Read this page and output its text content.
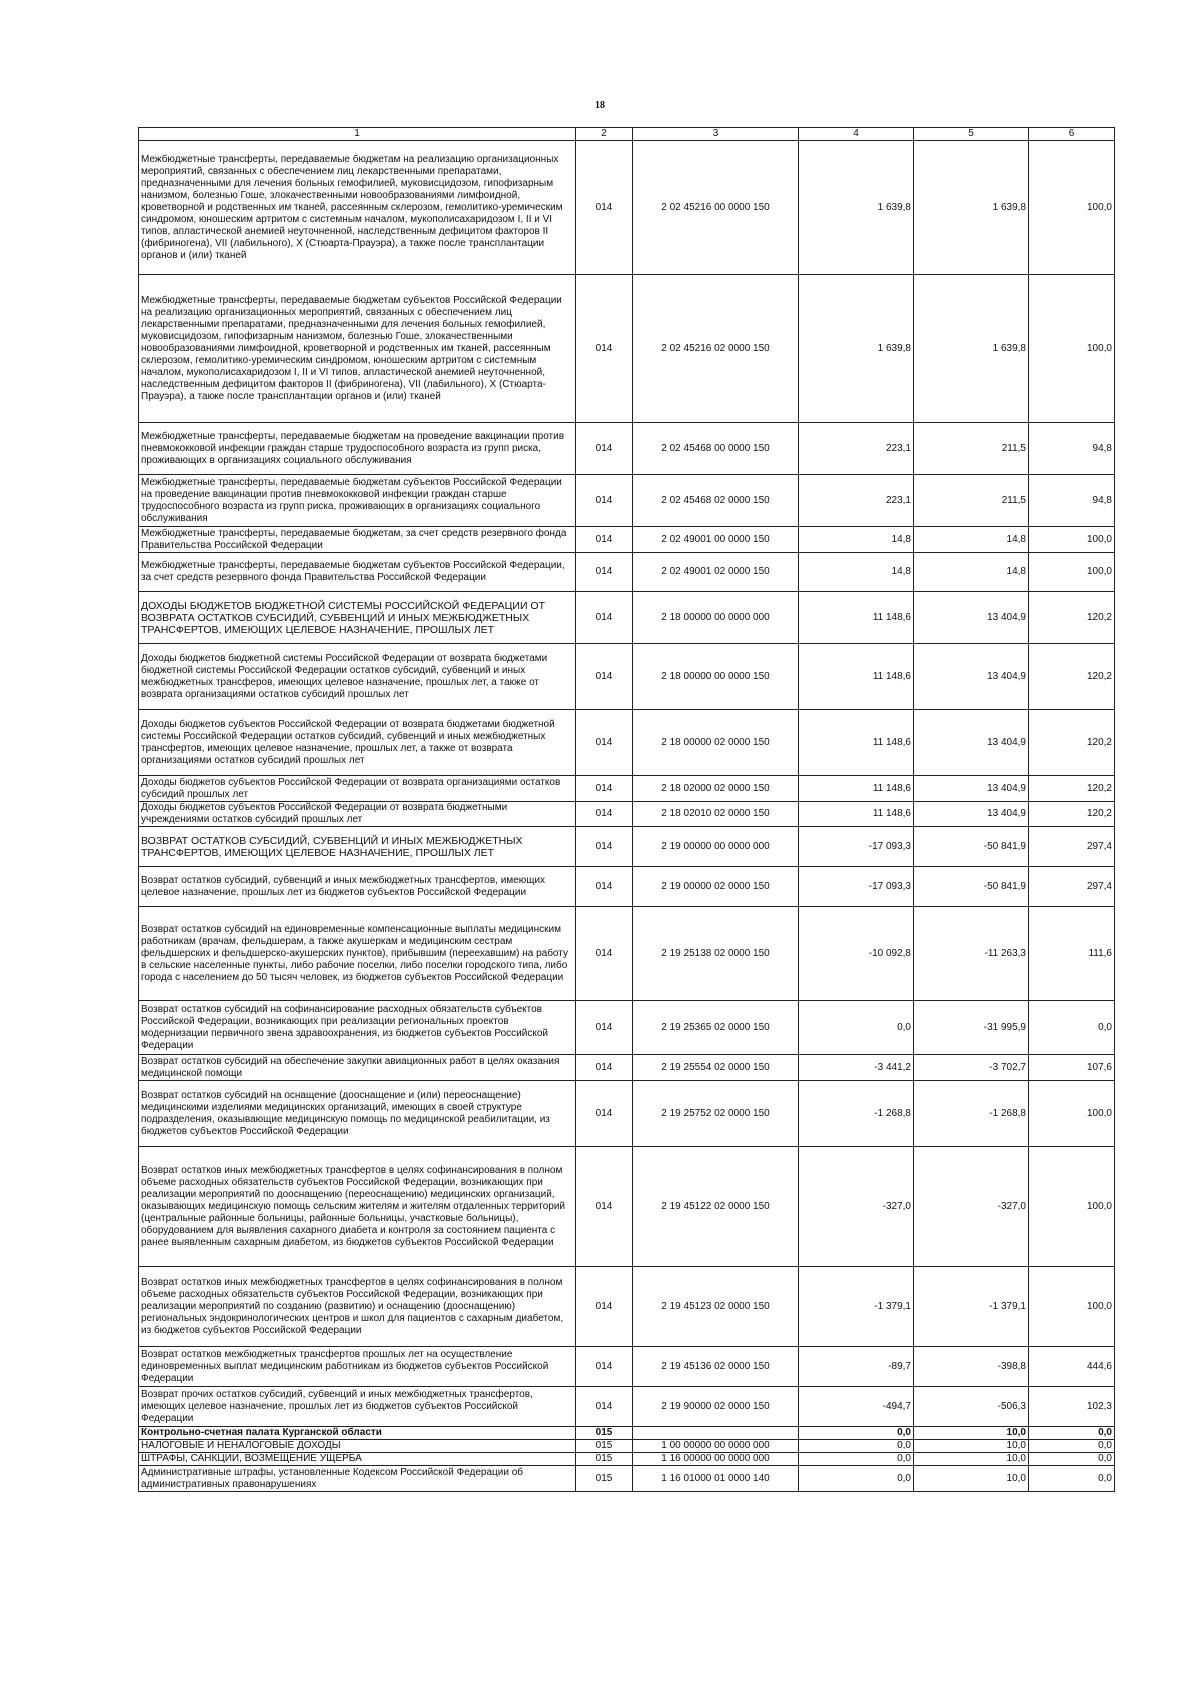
18
1	2	3	4	5	6
Межбюджетные трансферты, передаваемые бюджетам на реализацию организационных мероприятий, связанных с обеспечением лиц лекарственными препаратами, предназначенными для лечения больных гемофилией, муковисцидозом, гипофизарным нанизмом, болезнью Гоше, злокачественными новообразованиями лимфоидной, кроветворной и родственных им тканей, рассеянным склерозом, гемолитико-уремическим синдромом, юношеским артритом с системным началом, мукополисахаридозом I, II и VI типов, апластической анемией неуточненной, наследственным дефицитом факторов II (фибриногена), VII (лабильного), X (Стюарта-Прауэра), а также после трансплантации органов и (или) тканей	014	2 02 45216 00 0000 150	1 639,8	1 639,8	100,0
Межбюджетные трансферты, передаваемые бюджетам субъектов Российской Федерации на реализацию организационных мероприятий, связанных с обеспечением лиц лекарственными препаратами, предназначенными для лечения больных гемофилией, муковисцидозом, гипофизарным нанизмом, болезнью Гоше, злокачественными новообразованиями лимфоидной, кроветворной и родственных им тканей, рассеянным склерозом, гемолитико-уремическим синдромом, юношеским артритом с системным началом, мукополисахаридозом I, II и VI типов, апластической анемией неуточненной, наследственным дефицитом факторов II (фибриногена), VII (лабильного), X (Стюарта-Прауэра), а также после трансплантации органов и (или) тканей	014	2 02 45216 02 0000 150	1 639,8	1 639,8	100,0
Межбюджетные трансферты, передаваемые бюджетам на проведение вакцинации против пневмококковой инфекции граждан старше трудоспособного возраста из групп риска, проживающих в организациях социального обслуживания	014	2 02 45468 00 0000 150	223,1	211,5	94,8
Межбюджетные трансферты, передаваемые бюджетам субъектов Российской Федерации на проведение вакцинации против пневмококковой инфекции граждан старше трудоспособного возраста из групп риска, проживающих в организациях социального обслуживания	014	2 02 45468 02 0000 150	223,1	211,5	94,8
Межбюджетные трансферты, передаваемые бюджетам, за счет средств резервного фонда Правительства Российской Федерации	014	2 02 49001 00 0000 150	14,8	14,8	100,0
Межбюджетные трансферты, передаваемые бюджетам субъектов Российской Федерации, за счет средств резервного фонда Правительства Российской Федерации	014	2 02 49001 02 0000 150	14,8	14,8	100,0
ДОХОДЫ БЮДЖЕТОВ БЮДЖЕТНОЙ СИСТЕМЫ РОССИЙСКОЙ ФЕДЕРАЦИИ ОТ ВОЗВРАТА ОСТАТКОВ СУБСИДИЙ, СУБВЕНЦИЙ И ИНЫХ МЕЖБЮДЖЕТНЫХ ТРАНСФЕРТОВ, ИМЕЮЩИХ ЦЕЛЕВОЕ НАЗНАЧЕНИЕ, ПРОШЛЫХ ЛЕТ	014	2 18 00000 00 0000 000	11 148,6	13 404,9	120,2
Доходы бюджетов бюджетной системы Российской Федерации от возврата бюджетами бюджетной системы Российской Федерации остатков субсидий, субвенций и иных межбюджетных трансферов, имеющих целевое назначение, прошлых лет, а также от возврата организациями остатков субсидий прошлых лет	014	2 18 00000 00 0000 150	11 148,6	13 404,9	120,2
Доходы бюджетов субъектов Российской Федерации от возврата бюджетами бюджетной системы Российской Федерации остатков субсидий, субвенций и иных межбюджетных трансфертов, имеющих целевое назначение, прошлых лет, а также от возврата организациями остатков субсидий прошлых лет	014	2 18 00000 02 0000 150	11 148,6	13 404,9	120,2
Доходы бюджетов субъектов Российской Федерации от возврата организациями остатков субсидий прошлых лет	014	2 18 02000 02 0000 150	11 148,6	13 404,9	120,2
Доходы бюджетов субъектов Российской Федерации от возврата бюджетными учреждениями остатков субсидий прошлых лет	014	2 18 02010 02 0000 150	11 148,6	13 404,9	120,2
ВОЗВРАТ ОСТАТКОВ СУБСИДИЙ, СУБВЕНЦИЙ И ИНЫХ МЕЖБЮДЖЕТНЫХ ТРАНСФЕРТОВ, ИМЕЮЩИХ ЦЕЛЕВОЕ НАЗНАЧЕНИЕ, ПРОШЛЫХ ЛЕТ	014	2 19 00000 00 0000 000	-17 093,3	-50 841,9	297,4
Возврат остатков субсидий, субвенций и иных межбюджетных трансфертов, имеющих целевое назначение, прошлых лет из бюджетов субъектов Российской Федерации	014	2 19 00000 02 0000 150	-17 093,3	-50 841,9	297,4
Возврат остатков субсидий на единовременные компенсационные выплаты медицинским работникам (врачам, фельдшерам, а также акушеркам и медицинским сестрам фельдшерских и фельдшерско-акушерских пунктов), прибывшим (переехавшим) на работу в сельские населенные пункты, либо рабочие поселки, либо поселки городского типа, либо города с населением до 50 тысяч человек, из бюджетов субъектов Российской Федерации	014	2 19 25138 02 0000 150	-10 092,8	-11 263,3	111,6
Возврат остатков субсидий на софинансирование расходных обязательств субъектов Российской Федерации, возникающих при реализации региональных проектов модернизации первичного звена здравоохранения, из бюджетов субъектов Российской Федерации	014	2 19 25365 02 0000 150	0,0	-31 995,9	0,0
Возврат остатков субсидий на обеспечение закупки авиационных работ в целях оказания медицинской помощи	014	2 19 25554 02 0000 150	-3 441,2	-3 702,7	107,6
Возврат остатков субсидий на оснащение (дооснащение и (или) переоснащение) медицинскими изделиями медицинских организаций, имеющих в своей структуре подразделения, оказывающие медицинскую помощь по медицинской реабилитации, из бюджетов субъектов Российской Федерации	014	2 19 25752 02 0000 150	-1 268,8	-1 268,8	100,0
Возврат остатков иных межбюджетных трансфертов в целях софинансирования в полном объеме расходных обязательств субъектов Российской Федерации, возникающих при реализации мероприятий по дооснащению (переоснащению) медицинских организаций, оказывающих медицинскую помощь сельским жителям и жителям отдаленных территорий (центральные районные больницы, районные больницы, участковые больницы), оборудованием для выявления сахарного диабета и контроля за состоянием пациента с ранее выявленным сахарным диабетом, из бюджетов субъектов Российской Федерации	014	2 19 45122 02 0000 150	-327,0	-327,0	100,0
Возврат остатков иных межбюджетных трансфертов в целях софинансирования в полном объеме расходных обязательств субъектов Российской Федерации, возникающих при реализации мероприятий по созданию (развитию) и оснащению (дооснащению) региональных эндокринологических центров и школ для пациентов с сахарным диабетом, из бюджетов субъектов Российской Федерации	014	2 19 45123 02 0000 150	-1 379,1	-1 379,1	100,0
Возврат остатков межбюджетных трансфертов прошлых лет на осуществление единовременных выплат медицинским работникам из бюджетов субъектов Российской Федерации	014	2 19 45136 02 0000 150	-89,7	-398,8	444,6
Возврат прочих остатков субсидий, субвенций и иных межбюджетных трансфертов, имеющих целевое назначение, прошлых лет из бюджетов субъектов Российской Федерации	014	2 19 90000 02 0000 150	-494,7	-506,3	102,3
Контрольно-счетная палата Курганской области	015		0,0	10,0	0,0
НАЛОГОВЫЕ И НЕНАЛОГОВЫЕ ДОХОДЫ	015	1 00 00000 00 0000 000	0,0	10,0	0,0
ШТРАФЫ, САНКЦИИ, ВОЗМЕЩЕНИЕ УЩЕРБА	015	1 16 00000 00 0000 000	0,0	10,0	0,0
Административные штрафы, установленные Кодексом Российской Федерации об административных правонарушениях	015	1 16 01000 01 0000 140	0,0	10,0	0,0
